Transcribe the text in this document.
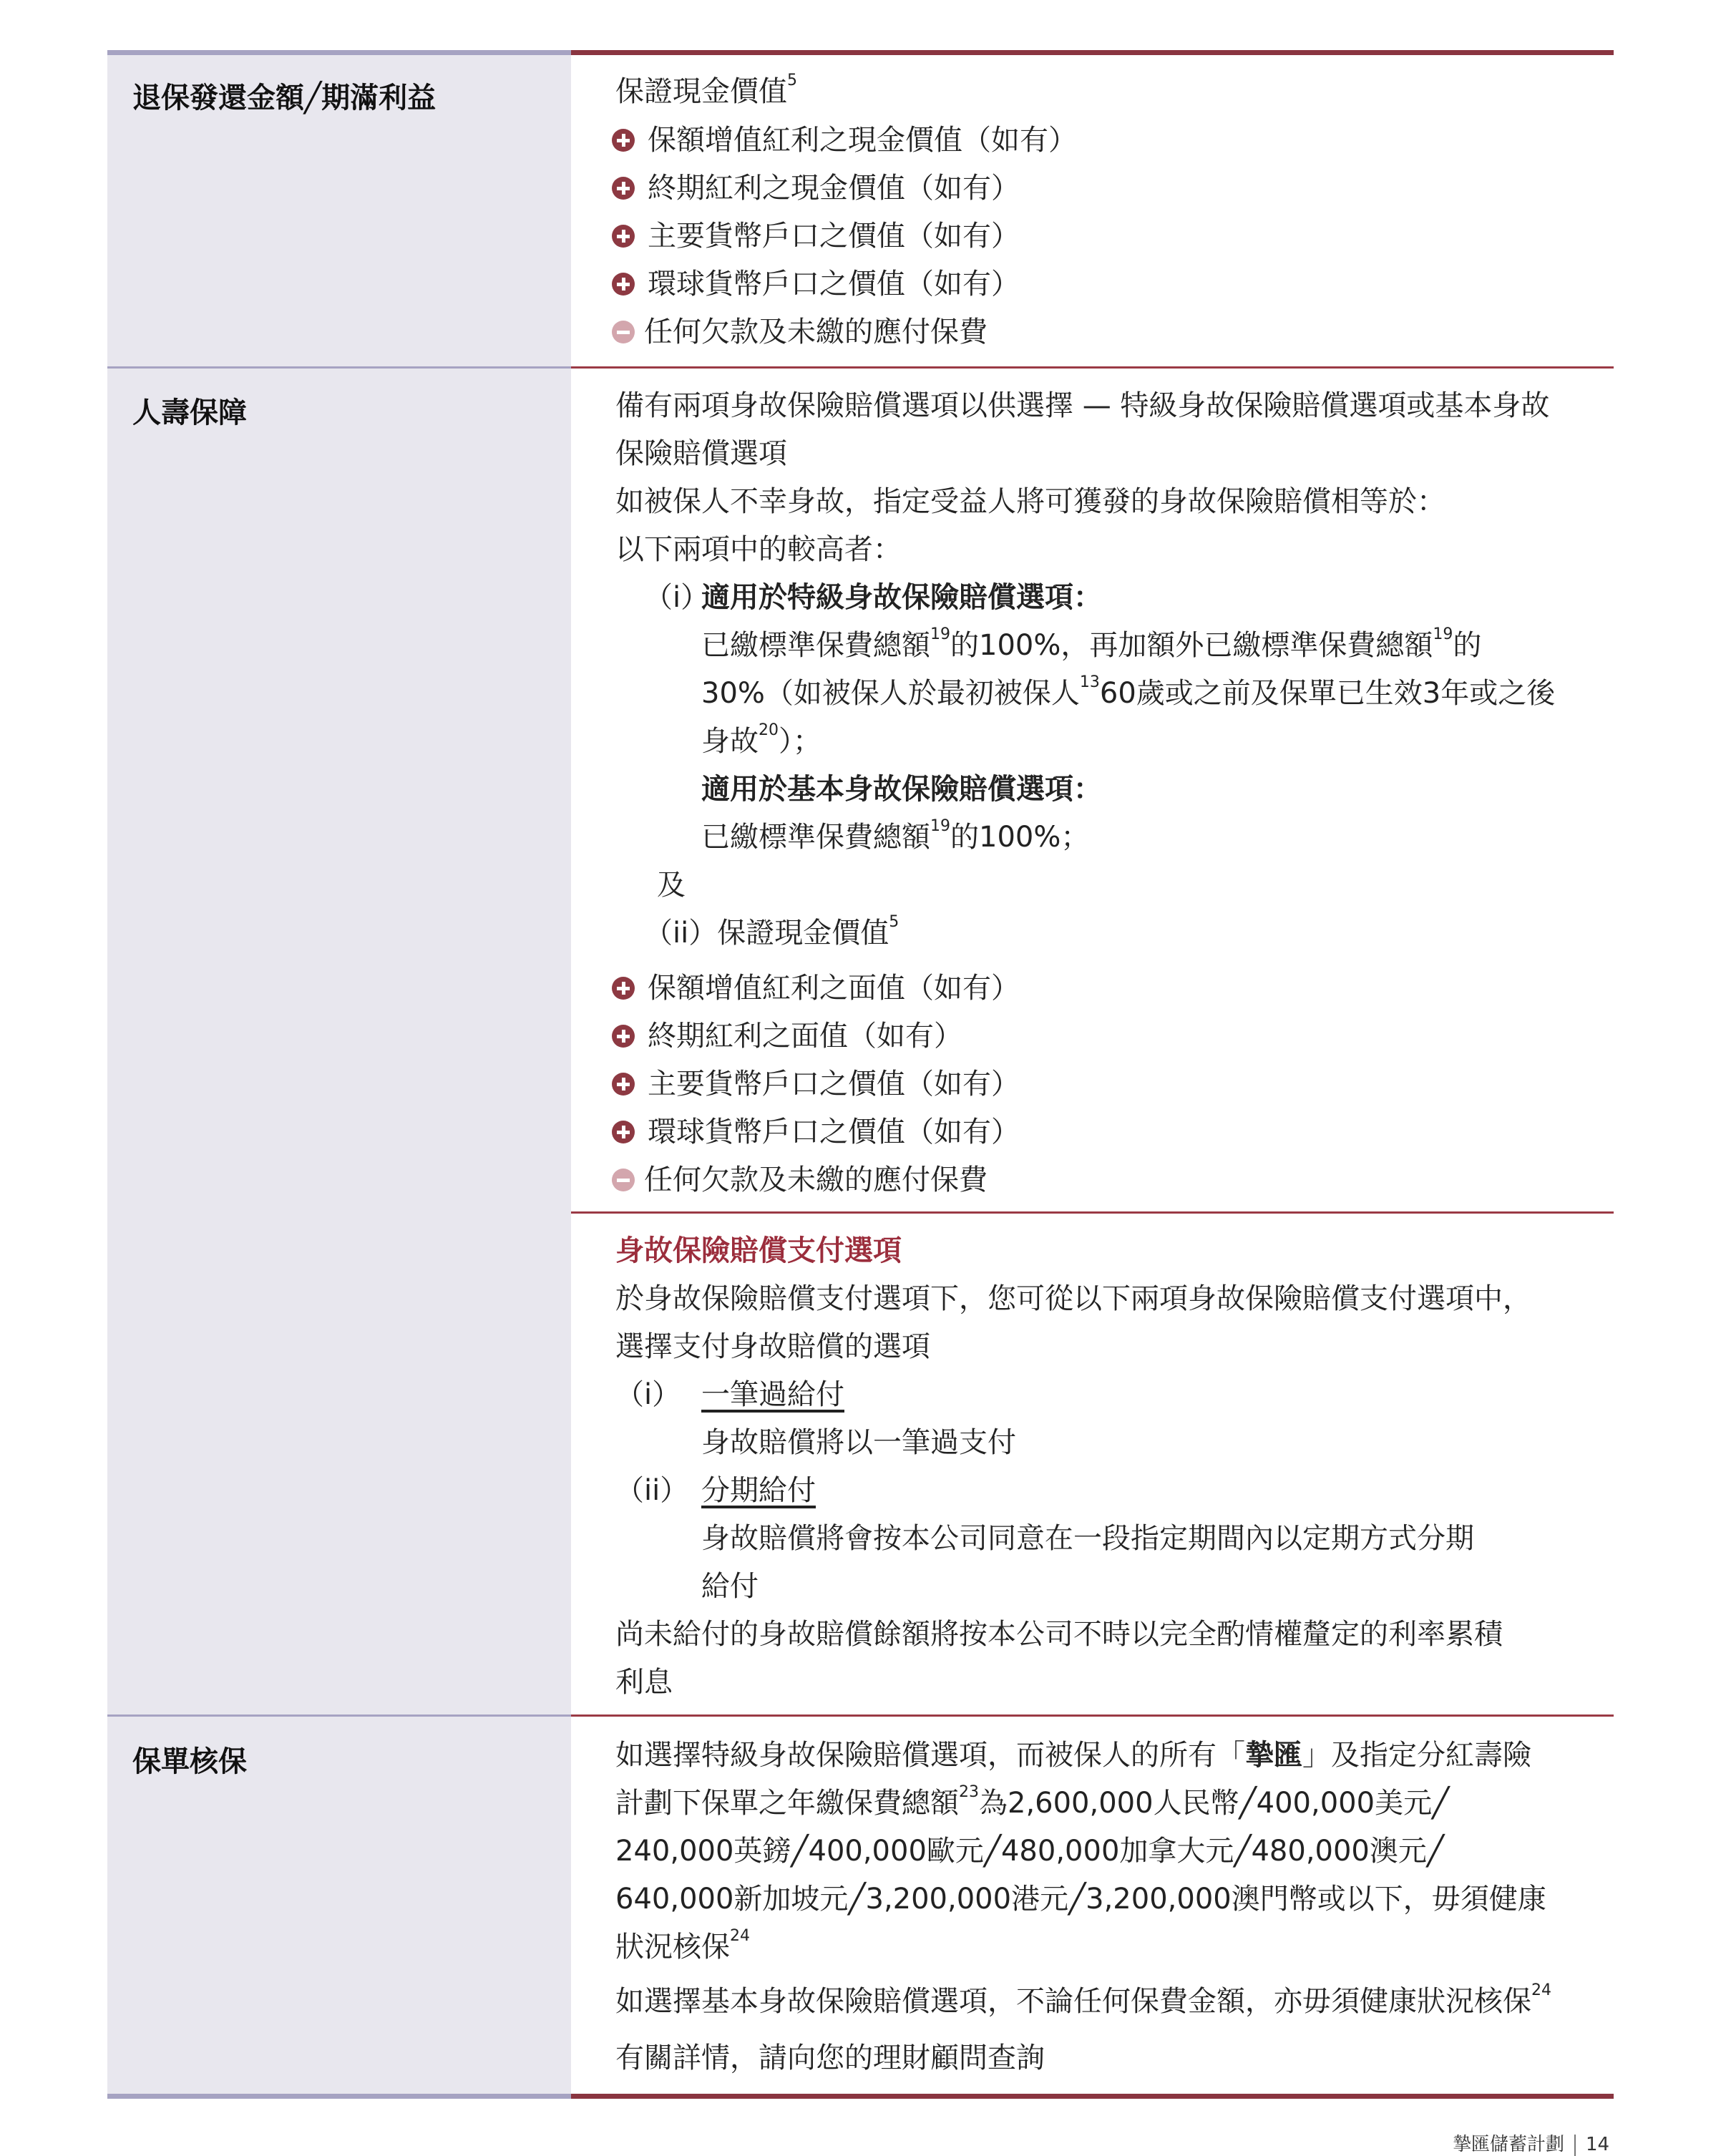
退保發還金額╱期滿利益	保證現金價值$^5$
保額增值紅利之現金價值（如有）
終期紅利之現金價值（如有）
主要貨幣戶口之價值（如有）
環球貨幣戶口之價值（如有）
任何欠款及未繳的應付保費
人壽保障	備有兩項身故保險賠償選項以供選擇 — 特級身故保險賠償選項或基本身故
保險賠償選項
如被保人不幸身故，指定受益人將可獲發的身故保險賠償相等於：
以下兩項中的較高者：
（i）
適用於特級身故保險賠償選項：
已繳標準保費總額$^{19}$的100%，再加額外已繳標準保費總額$^{19}$的
30%（如被保人於最初被保人$^{13}$60歲或之前及保單已生效3年或之後
身故$^{20}$）；
適用於基本身故保險賠償選項：
已繳標準保費總額$^{19}$的100%；
及
（ii）保證現金價值$^5$
保額增值紅利之面值（如有）
終期紅利之面值（如有）
主要貨幣戶口之價值（如有）
環球貨幣戶口之價值（如有）
任何欠款及未繳的應付保費
身故保險賠償支付選項
於身故保險賠償支付選項下，您可從以下兩項身故保險賠償支付選項中，
選擇支付身故賠償的選項
（i） 一筆過給付
身故賠償將以一筆過支付
（ii） 分期給付
身故賠償將會按本公司同意在一段指定期間內以定期方式分期
給付
尚未給付的身故賠償餘額將按本公司不時以完全酌情權釐定的利率累積
利息
保單核保	如選擇特級身故保險賠償選項，而被保人的所有「摯匯」及指定分紅壽險
計劃下保單之年繳保費總額$^{23}$為2,600,000人民幣╱400,000美元╱
240,000英鎊╱400,000歐元╱480,000加拿大元╱480,000澳元╱
640,000新加坡元╱3,200,000港元╱3,200,000澳門幣或以下，毋須健康
狀況核保$^{24}$
如選擇基本身故保險賠償選項，不論任何保費金額，亦毋須健康狀況核保$^{24}$
有關詳情，請向您的理財顧問查詢
摯匯儲蓄計劃 14
